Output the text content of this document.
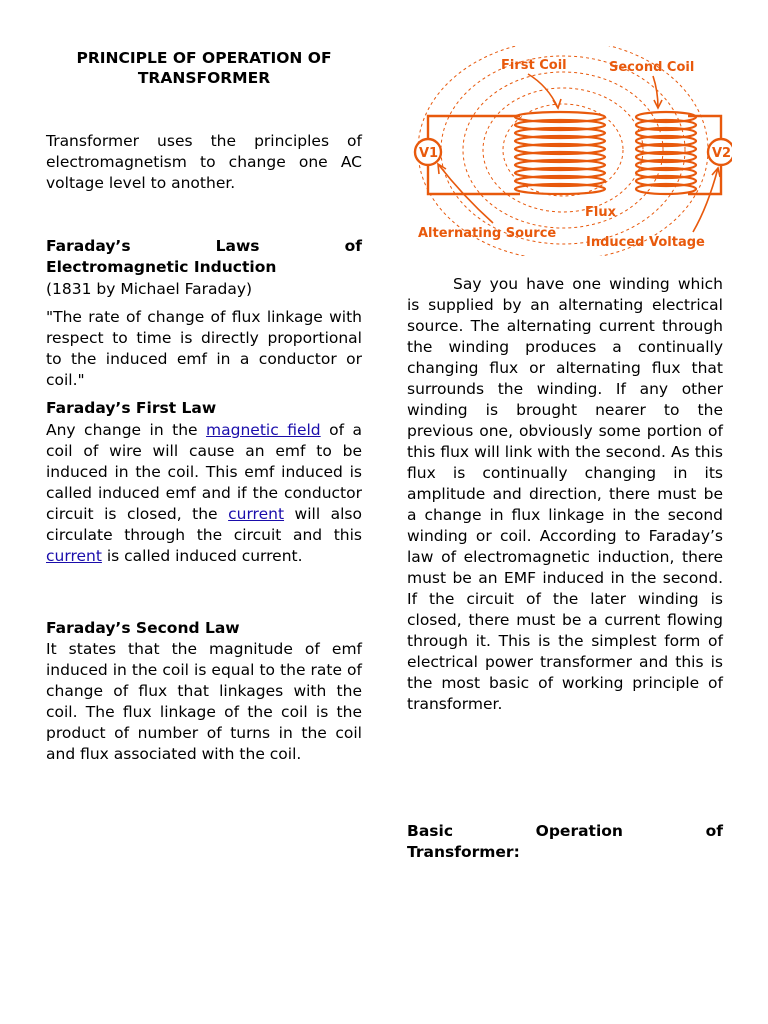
PRINCIPLE OF OPERATION OF TRANSFORMER

Transformer uses the principles of electromagnetism to change one AC voltage level to another.

Faraday’s	Laws	of
Electromagnetic Induction
(1831 by Michael Faraday)

"The rate of change of flux linkage with respect to time is directly proportional to the induced emf in a conductor or coil."

Faraday’s First Law

Any change in the magnetic field of a coil of wire will cause an emf to be induced in the coil. This emf induced is called induced emf and if the conductor circuit is closed, the current will also circulate through the circuit and this current is called induced current.

Faraday’s Second Law

It states that the magnitude of emf induced in the coil is equal to the rate of change of flux that linkages with the coil. The flux linkage of the coil is the product of number of turns in the coil and flux associated with the coil.

V1	V2
First Coil	Second Coil
Flux
Alternating Source
Induced Voltage

Say you have one winding which is supplied by an alternating electrical source. The alternating current through the winding produces a continually changing flux or alternating flux that surrounds the winding. If any other winding is brought nearer to the previous one, obviously some portion of this flux will link with the second. As this flux is continually changing in its amplitude and direction, there must be a change in flux linkage in the second winding or coil. According to Faraday’s law of electromagnetic induction, there must be an EMF induced in the second. If the circuit of the later winding is closed, there must be a current flowing through it. This is the simplest form of electrical power transformer and this is the most basic of working principle of transformer.

Basic	Operation	of
Transformer:
